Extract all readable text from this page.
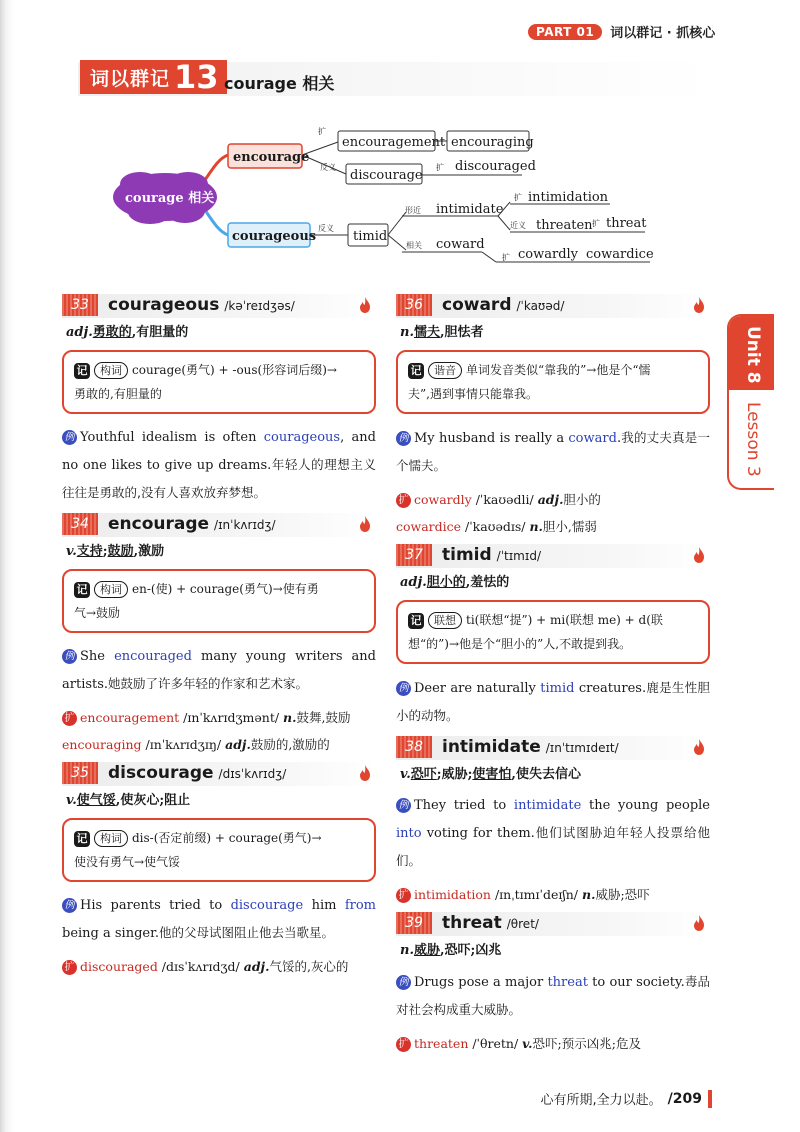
PART 01	词以群记 · 抓核心
词以群记 13 courage 相关
courage 相关
encourage
courageous
扩
encouragement encouraging
反义
discourage
扩 discouraged
反义
timid
形近 intimidate
扩 intimidation
近义 threaten 扩 threat
相关 coward
扩 cowardly cowardice
Unit 8
Lesson 3
33	courageous /kəˈreɪdʒəs/
adj.勇敢的,有胆量的
记 构词 courage(勇气) + -ous(形容词后缀)→
勇敢的,有胆量的
例 Youthful idealism is often courageous, and no one likes to give up dreams.年轻人的理想主义往往是勇敢的,没有人喜欢放弃梦想。
34	encourage /ɪnˈkʌrɪdʒ/
v.支持;鼓励,激励
记 构词 en-(使) + courage(勇气)→使有勇
气→鼓励
例 She encouraged many young writers and artists.她鼓励了许多年轻的作家和艺术家。
扩 encouragement /ɪnˈkʌrɪdʒmənt/ n.鼓舞,鼓励
encouraging /ɪnˈkʌrɪdʒɪŋ/ adj.鼓励的,激励的
35	discourage /dɪsˈkʌrɪdʒ/
v.使气馁,使灰心;阻止
记 构词 dis-(否定前缀) + courage(勇气)→
使没有勇气→使气馁
例 His parents tried to discourage him from being a singer.他的父母试图阻止他去当歌星。
扩 discouraged /dɪsˈkʌrɪdʒd/ adj.气馁的,灰心的
36	coward /ˈkaʊəd/
n.懦夫,胆怯者
记 谐音 单词发音类似“靠我的”→他是个“懦
夫”,遇到事情只能靠我。
例 My husband is really a coward.我的丈夫真是一个懦夫。
扩 cowardly /ˈkaʊədli/ adj.胆小的
cowardice /ˈkaʊədɪs/ n.胆小,懦弱
37	timid /ˈtɪmɪd/
adj.胆小的,羞怯的
记 联想 ti(联想“提”) + mi(联想 me) + d(联
想“的”)→他是个“胆小的”人,不敢提到我。
例 Deer are naturally timid creatures.鹿是生性胆小的动物。
38	intimidate /ɪnˈtɪmɪdeɪt/
v.恐吓;威胁;使害怕,使失去信心
例 They tried to intimidate the young people into voting for them.他们试图胁迫年轻人投票给他们。
扩 intimidation /ɪnˌtɪmɪˈdeɪʃn/ n.威胁;恐吓
39	threat /θret/
n.威胁,恐吓;凶兆
例 Drugs pose a major threat to our society.毒品对社会构成重大威胁。
扩 threaten /ˈθretn/ v.恐吓;预示凶兆;危及
心有所期,全力以赴。 /209
